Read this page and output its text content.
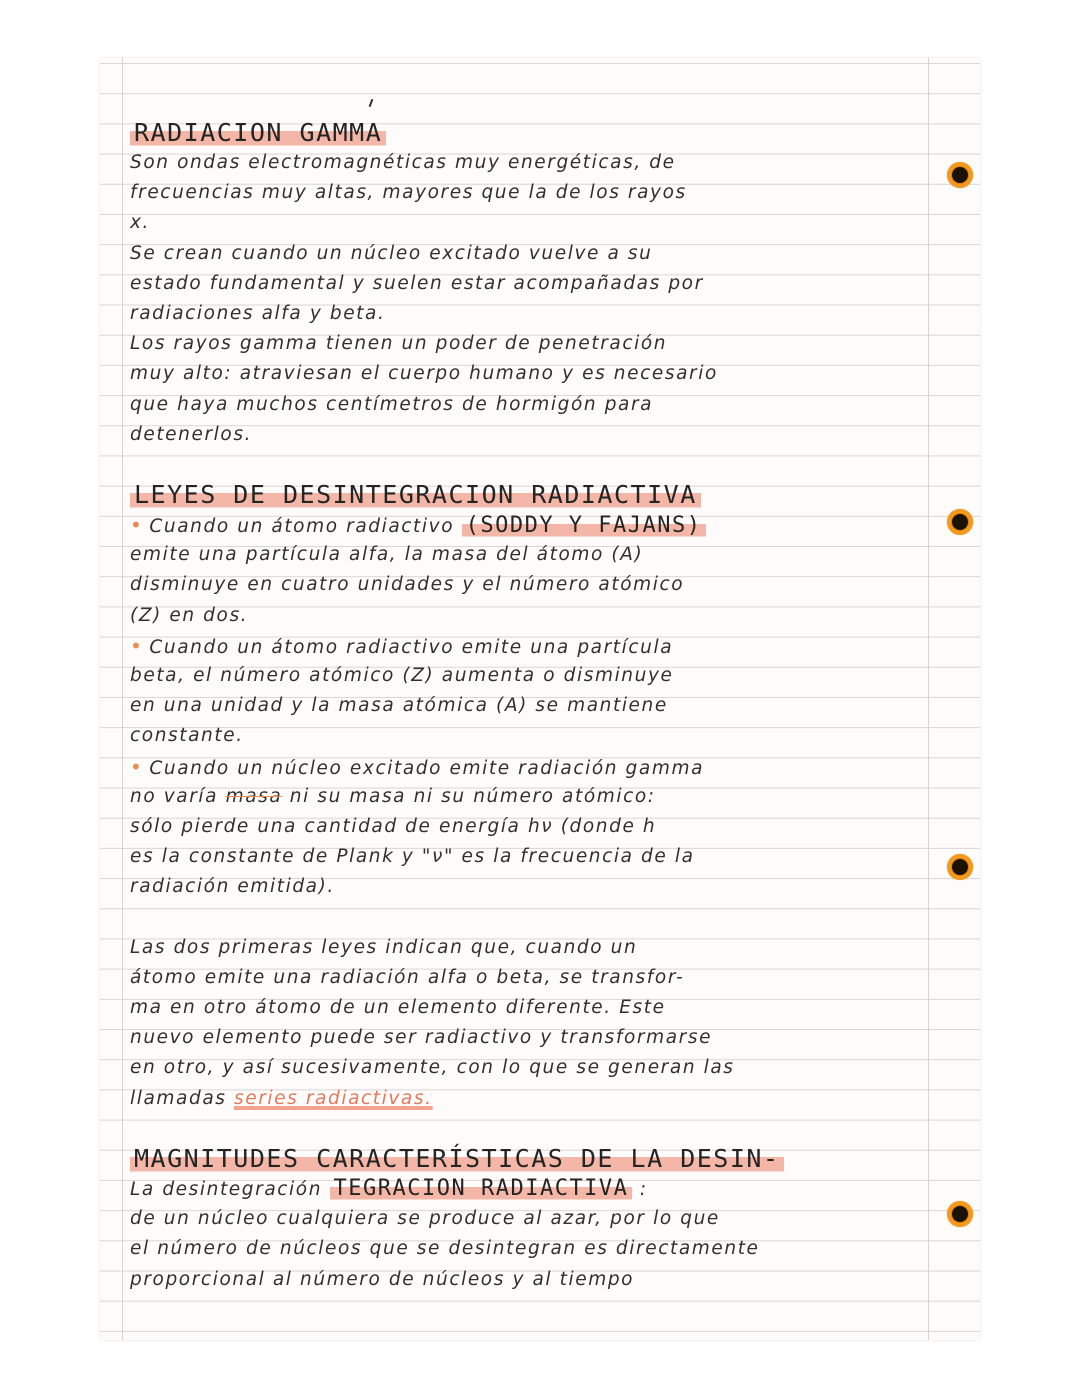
RADIACION GAMMA
Son ondas electromagnéticas muy energéticas, de
frecuencias muy altas, mayores que la de los rayos
x.
Se crean cuando un núcleo excitado vuelve a su
estado fundamental y suelen estar acompañadas por
radiaciones alfa y beta.
Los rayos gamma tienen un poder de penetración
muy alto: atraviesan el cuerpo humano y es necesario
que haya muchos centímetros de hormigón para
detenerlos.
LEYES DE DESINTEGRACION RADIACTIVA
• Cuando un átomo radiactivo (SODDY Y FAJANS)
emite una partícula alfa, la masa del átomo (A)
disminuye en cuatro unidades y el número atómico
(Z) en dos.
• Cuando un átomo radiactivo emite una partícula
beta, el número atómico (Z) aumenta o disminuye
en una unidad y la masa atómica (A) se mantiene
constante.
• Cuando un núcleo excitado emite radiación gamma
no varía masa ni su masa ni su número atómico:
sólo pierde una cantidad de energía hν (donde h
es la constante de Plank y "ν" es la frecuencia de la
radiación emitida).
Las dos primeras leyes indican que, cuando un
átomo emite una radiación alfa o beta, se transfor-
ma en otro átomo de un elemento diferente. Este
nuevo elemento puede ser radiactivo y transformarse
en otro, y así sucesivamente, con lo que se generan las
llamadas series radiactivas.
MAGNITUDES CARACTERÍSTICAS DE LA DESIN-
La desintegración TEGRACION RADIACTIVA :
de un núcleo cualquiera se produce al azar, por lo que
el número de núcleos que se desintegran es directamente
proporcional al número de núcleos y al tiempo
